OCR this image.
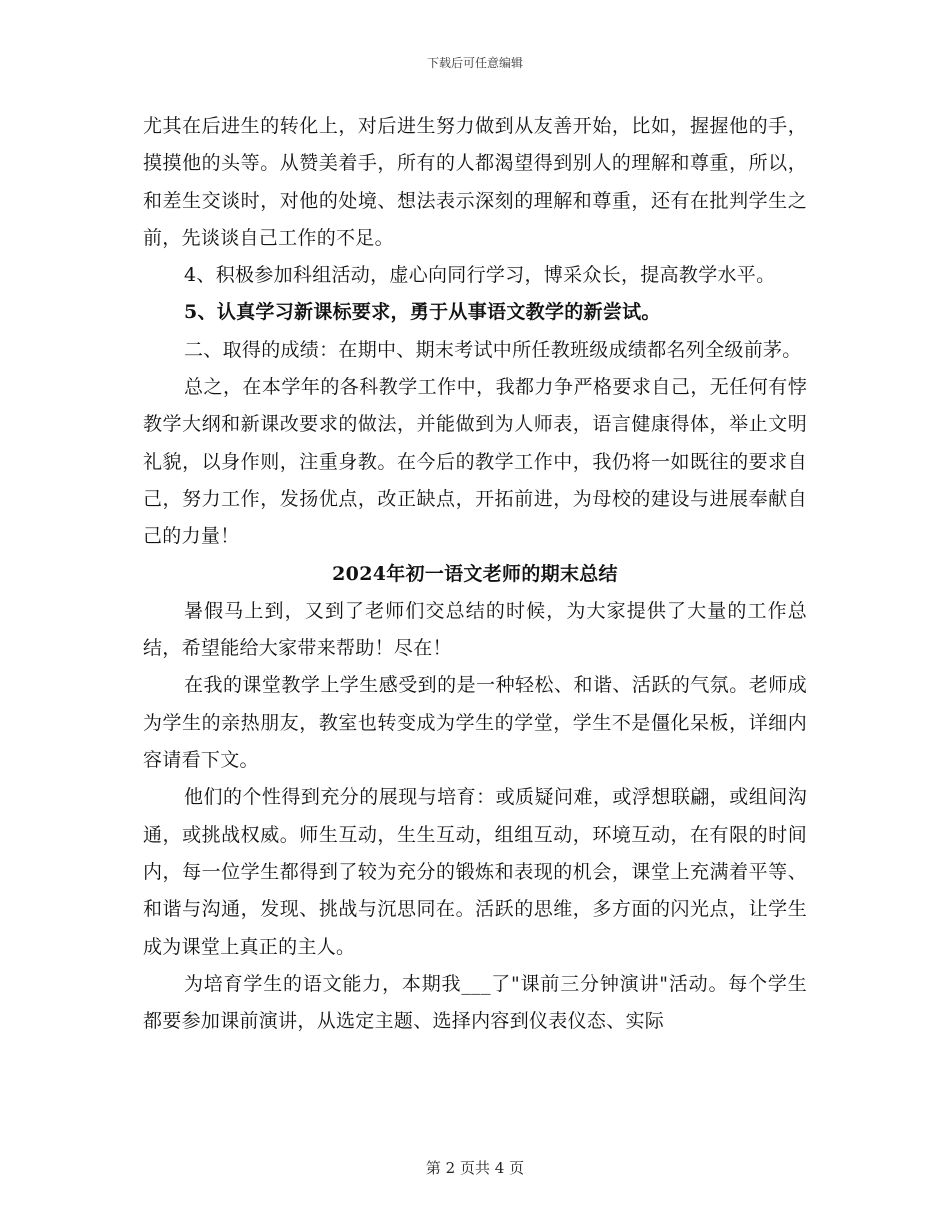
下载后可任意编辑

尤其在后进生的转化上，对后进生努力做到从友善开始，比如，握握他的手，摸摸他的头等。从赞美着手，所有的人都渴望得到别人的理解和尊重，所以，和差生交谈时，对他的处境、想法表示深刻的理解和尊重，还有在批判学生之前，先谈谈自己工作的不足。

4、积极参加科组活动，虚心向同行学习，博采众长，提高教学水平。

5、认真学习新课标要求，勇于从事语文教学的新尝试。

二、取得的成绩：在期中、期末考试中所任教班级成绩都名列全级前茅。

总之，在本学年的各科教学工作中，我都力争严格要求自己，无任何有悖教学大纲和新课改要求的做法，并能做到为人师表，语言健康得体，举止文明礼貌，以身作则，注重身教。在今后的教学工作中，我仍将一如既往的要求自己，努力工作，发扬优点，改正缺点，开拓前进，为母校的建设与进展奉献自己的力量！

2024年初一语文老师的期末总结

暑假马上到，又到了老师们交总结的时候，为大家提供了大量的工作总结，希望能给大家带来帮助！尽在！

在我的课堂教学上学生感受到的是一种轻松、和谐、活跃的气氛。老师成为学生的亲热朋友，教室也转变成为学生的学堂，学生不是僵化呆板，详细内容请看下文。

他们的个性得到充分的展现与培育：或质疑问难，或浮想联翩，或组间沟通，或挑战权威。师生互动，生生互动，组组互动，环境互动，在有限的时间内，每一位学生都得到了较为充分的锻炼和表现的机会，课堂上充满着平等、和谐与沟通，发现、挑战与沉思同在。活跃的思维，多方面的闪光点，让学生成为课堂上真正的主人。

为培育学生的语文能力，本期我___了"课前三分钟演讲"活动。每个学生都要参加课前演讲，从选定主题、选择内容到仪表仪态、实际

第 2 页共 4 页
